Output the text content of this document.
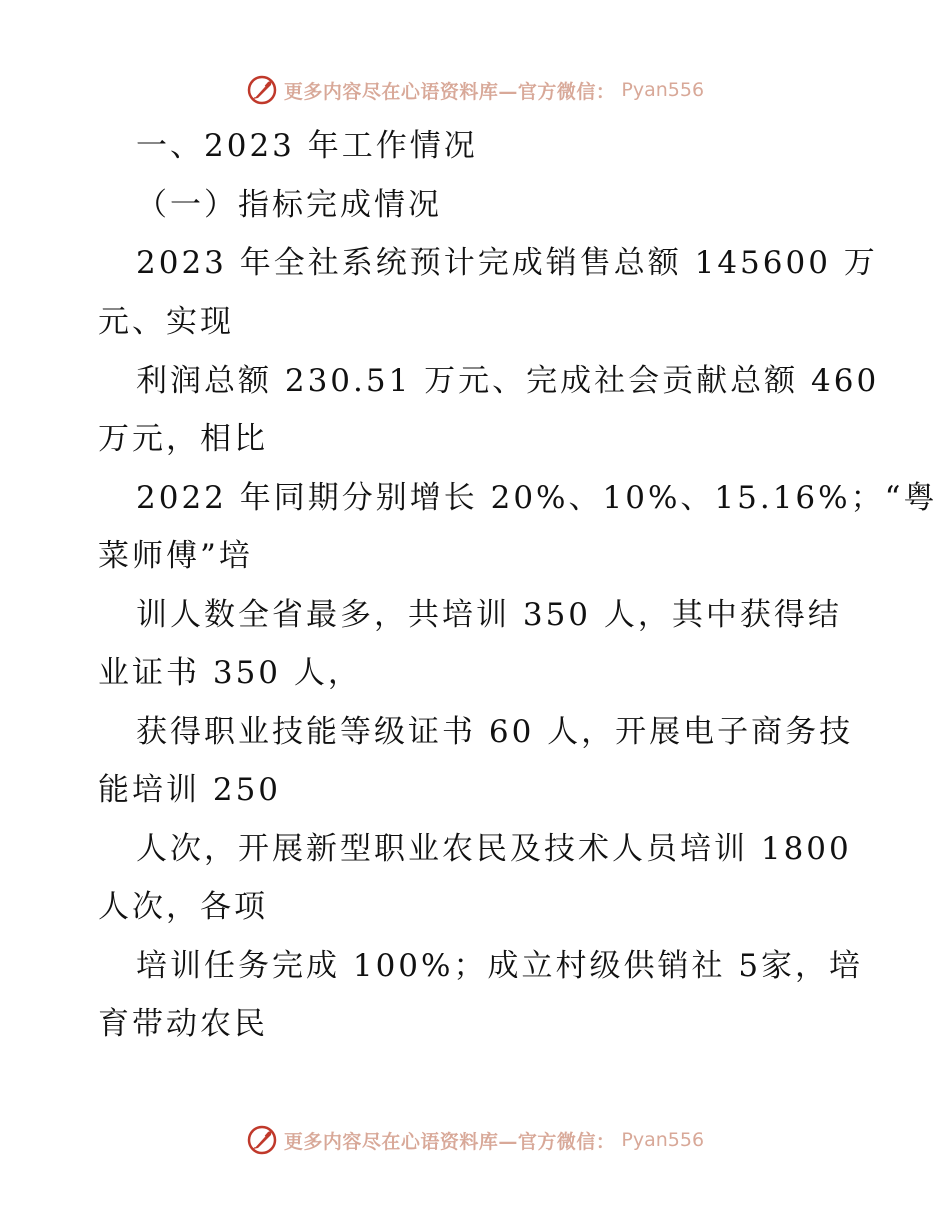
更多内容尽在心语资料库—官方微信： Pyan556
一、2023 年工作情况
（一）指标完成情况
2023 年全社系统预计完成销售总额 145600 万
元、实现
利润总额 230.51 万元、完成社会贡献总额 460
万元，相比
2022 年同期分别增长 20%、10%、15.16%；“粤
菜师傅”培
训人数全省最多，共培训 350 人，其中获得结
业证书 350 人，
获得职业技能等级证书 60 人，开展电子商务技
能培训 250
人次，开展新型职业农民及技术人员培训 1800
人次，各项
培训任务完成 100%；成立村级供销社 5家，培
育带动农民
更多内容尽在心语资料库—官方微信： Pyan556
